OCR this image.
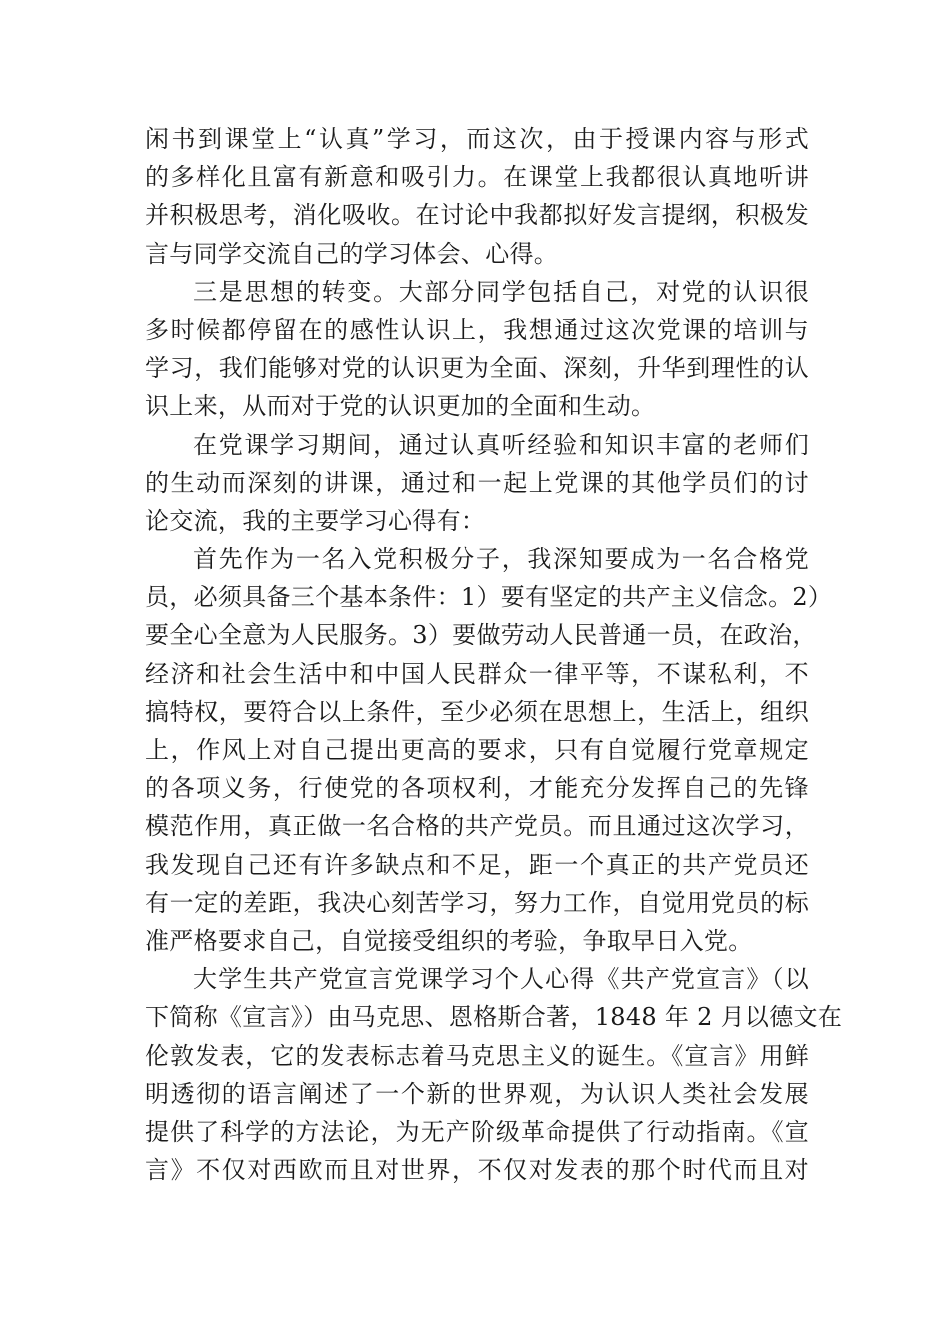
闲书到课堂上“认真”学习，而这次，由于授课内容与形式
的多样化且富有新意和吸引力。在课堂上我都很认真地听讲
并积极思考，消化吸收。在讨论中我都拟好发言提纲，积极发
言与同学交流自己的学习体会、心得。
三是思想的转变。大部分同学包括自己，对党的认识很
多时候都停留在的感性认识上，我想通过这次党课的培训与
学习，我们能够对党的认识更为全面、深刻，升华到理性的认
识上来，从而对于党的认识更加的全面和生动。
在党课学习期间，通过认真听经验和知识丰富的老师们
的生动而深刻的讲课，通过和一起上党课的其他学员们的讨
论交流，我的主要学习心得有：
首先作为一名入党积极分子，我深知要成为一名合格党
员，必须具备三个基本条件：1）要有坚定的共产主义信念。2）
要全心全意为人民服务。3）要做劳动人民普通一员，在政治，
经济和社会生活中和中国人民群众一律平等，不谋私利，不
搞特权，要符合以上条件，至少必须在思想上，生活上，组织
上，作风上对自己提出更高的要求，只有自觉履行党章规定
的各项义务，行使党的各项权利，才能充分发挥自己的先锋
模范作用，真正做一名合格的共产党员。而且通过这次学习，
我发现自己还有许多缺点和不足，距一个真正的共产党员还
有一定的差距，我决心刻苦学习，努力工作，自觉用党员的标
准严格要求自己，自觉接受组织的考验，争取早日入党。
大学生共产党宣言党课学习个人心得《共产党宣言》（以
下简称《宣言》）由马克思、恩格斯合著，1848 年 2 月以德文在
伦敦发表，它的发表标志着马克思主义的诞生。《宣言》用鲜
明透彻的语言阐述了一个新的世界观，为认识人类社会发展
提供了科学的方法论，为无产阶级革命提供了行动指南。《宣
言》不仅对西欧而且对世界，不仅对发表的那个时代而且对
